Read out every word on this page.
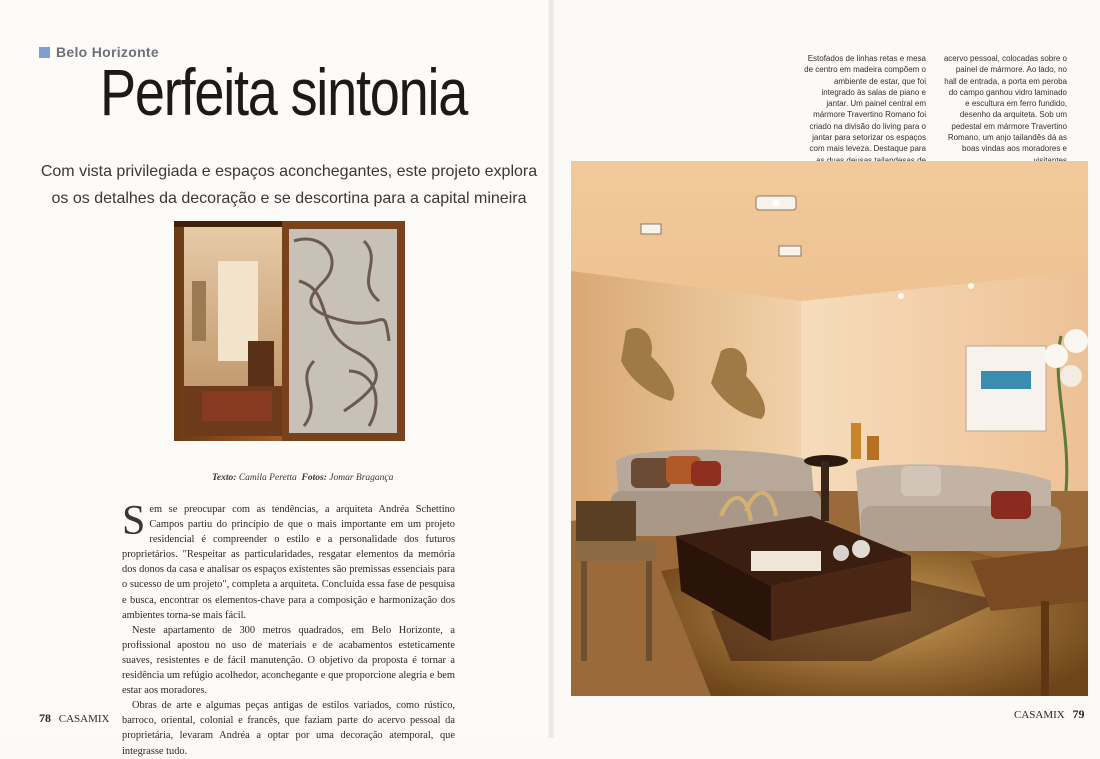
Belo Horizonte
Perfeita sintonia
Com vista privilegiada e espaços aconchegantes, este projeto explora os os detalhes da decoração e se descortina para a capital mineira
Texto: Camila Peretta Fotos: Jomar Bragança

S em se preocupar com as tendências, a arquiteta Andréa Schettino Campos partiu do princípio de que o mais importante em um projeto residencial é compreender o estilo e a personalidade dos futuros proprietários. "Respeitar as particularidades, resgatar elementos da memória dos donos da casa e analisar os espaços existentes são premissas essenciais para o sucesso de um projeto", completa a arquiteta. Concluída essa fase de pesquisa e busca, encontrar os elementos-chave para a composição e harmonização dos ambientes torna-se mais fácil.

Neste apartamento de 300 metros quadrados, em Belo Horizonte, a profissional apostou no uso de materiais e de acabamentos esteticamente suaves, resistentes e de fácil manutenção. O objetivo da proposta é tornar a residência um refúgio acolhedor, aconchegante e que proporcione alegria e bem estar aos moradores.

Obras de arte e algumas peças antigas de estilos variados, como rústico, barroco, oriental, colonial e francês, que faziam parte do acervo pessoal da proprietária, levaram Andréa a optar por uma decoração atemporal, que integrasse tudo.

78 CASAMIX
Estofados de linhas retas e mesa de centro em madeira compõem o ambiente de estar, que foi integrado às salas de piano e jantar. Um painel central em mármore Travertino Romano foi criado na divisão do living para o jantar para setorizar os espaços com mais leveza. Destaque para
acervo pessoal, colocadas sobre o painel de mármore. Ao lado, no hall de entrada, a porta em peroba do campo ganhou vidro laminado e escultura em ferro fundido, desenho da arquiteta. Sob um pedestal em mármore Travertino Romano, um anjo tailandês dá as boas vindas aos moradores e
CASAMIX 79
